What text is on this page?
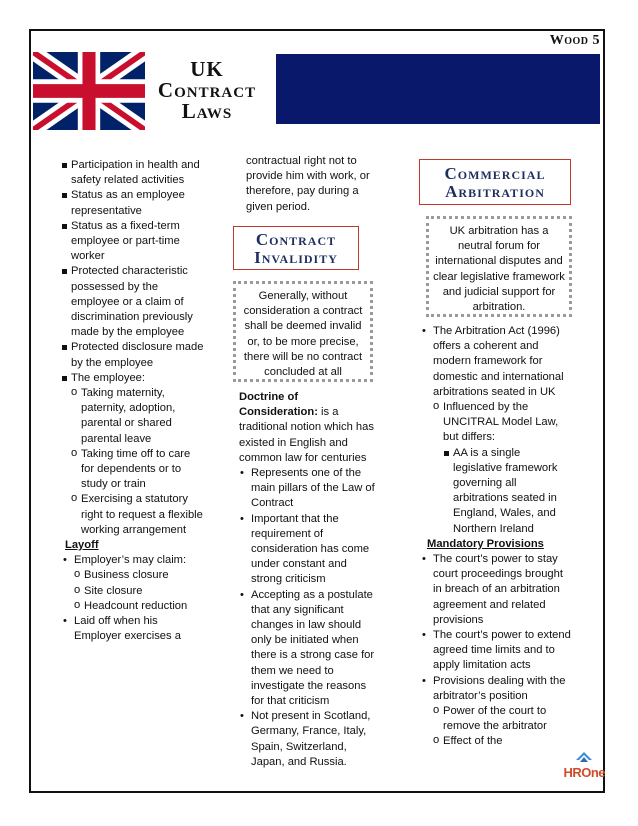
Wood 5
UK
Contract
Laws
Participation in health and safety related activities
Status as an employee representative
Status as a fixed-term employee or part-time worker
Protected characteristic possessed by the employee or a claim of discrimination previously made by the employee
Protected disclosure made by the employee
The employee:
o Taking maternity, paternity, adoption, parental or shared parental leave
o Taking time off to care for dependents or to study or train
o Exercising a statutory right to request a flexible working arrangement
Layoff
• Employer’s may claim:
o Business closure
o Site closure
o Headcount reduction
• Laid off when his Employer exercises a
contractual right not to provide him with work, or therefore, pay during a given period.
Contract
Invalidity
Generally, without consideration a contract shall be deemed invalid or, to be more precise, there will be no contract concluded at all
Doctrine of Consideration: is a traditional notion which has existed in English and common law for centuries
• Represents one of the main pillars of the Law of Contract
• Important that the requirement of consideration has come under constant and strong criticism
• Accepting as a postulate that any significant changes in law should only be initiated when there is a strong case for them we need to investigate the reasons for that criticism
• Not present in Scotland, Germany, France, Italy, Spain, Switzerland, Japan, and Russia.
Commercial
Arbitration
UK arbitration has a neutral forum for international disputes and clear legislative framework and judicial support for arbitration.
• The Arbitration Act (1996) offers a coherent and modern framework for domestic and international arbitrations seated in UK
o Influenced by the UNCITRAL Model Law, but differs:
AA is a single legislative framework governing all arbitrations seated in England, Wales, and Northern Ireland
Mandatory Provisions
• The court’s power to stay court proceedings brought in breach of an arbitration agreement and related provisions
• The court’s power to extend agreed time limits and to apply limitation acts
• Provisions dealing with the arbitrator’s position
o Power of the court to remove the arbitrator
o Effect of the
HROne
